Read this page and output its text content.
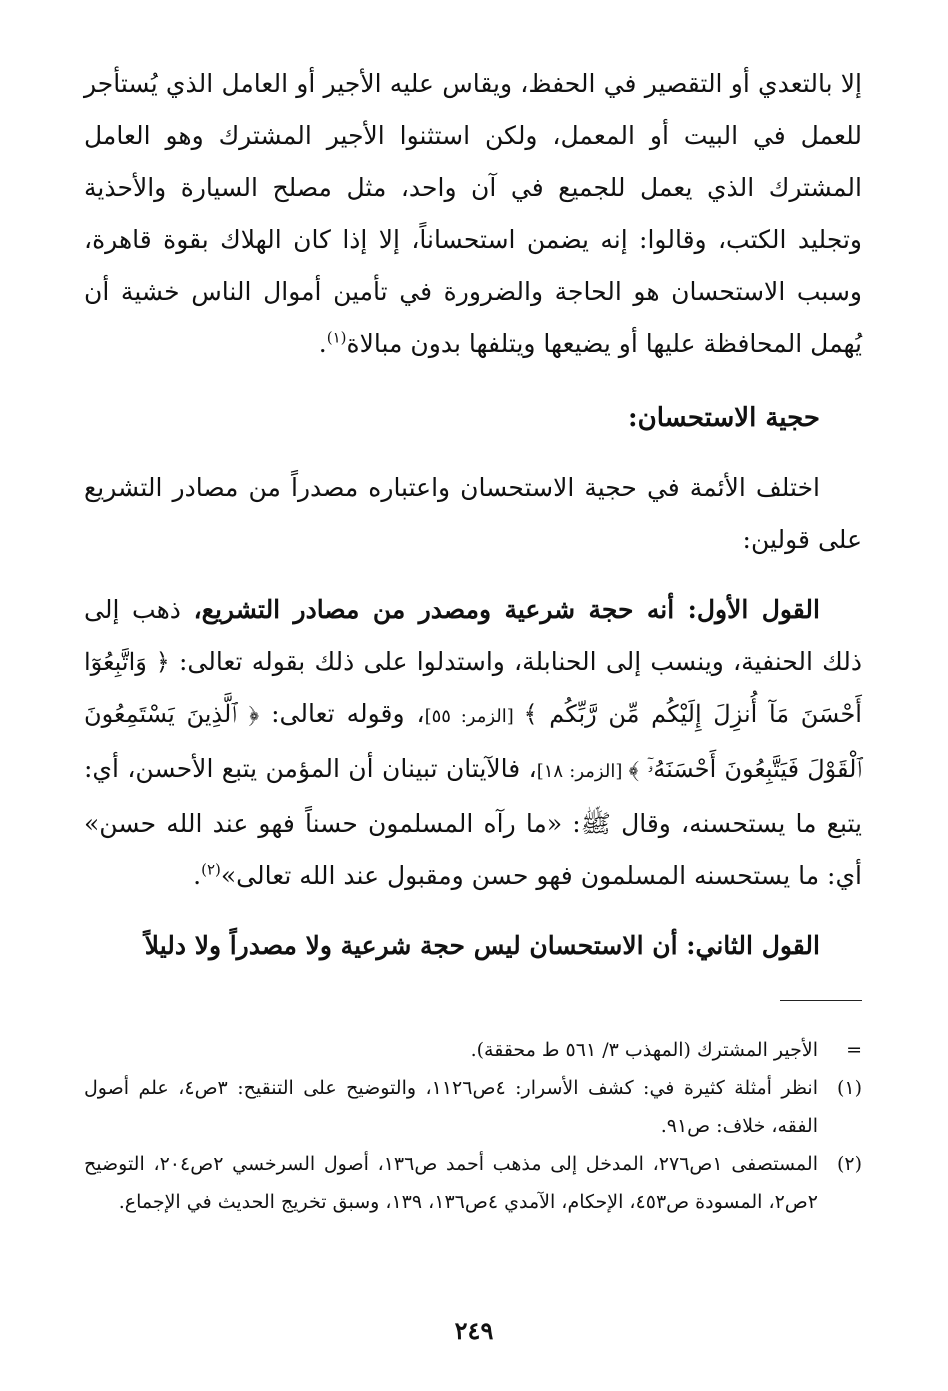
إلا بالتعدي أو التقصير في الحفظ، ويقاس عليه الأجير أو العامل الذي يُستأجر للعمل في البيت أو المعمل، ولكن استثنوا الأجير المشترك وهو العامل المشترك الذي يعمل للجميع في آن واحد، مثل مصلح السيارة والأحذية وتجليد الكتب، وقالوا: إنه يضمن استحساناً، إلا إذا كان الهلاك بقوة قاهرة، وسبب الاستحسان هو الحاجة والضرورة في تأمين أموال الناس خشية أن يُهمل المحافظة عليها أو يضيعها ويتلفها بدون مبالاة$^{(١)}$.

حجية الاستحسان:

اختلف الأئمة في حجية الاستحسان واعتباره مصدراً من مصادر التشريع على قولين:

القول الأول: أنه حجة شرعية ومصدر من مصادر التشريع، ذهب إلى ذلك الحنفية، وينسب إلى الحنابلة، واستدلوا على ذلك بقوله تعالى: ﴿ وَاتَّبِعُوٓا أَحْسَنَ مَآ أُنزِلَ إِلَيْكُم مِّن رَّبِّكُم ﴾ [الزمر: ٥٥]، وقوله تعالى: ﴿ ٱلَّذِينَ يَسْتَمِعُونَ ٱلْقَوْلَ فَيَتَّبِعُونَ أَحْسَنَهُۥٓ ﴾ [الزمر: ١٨]، فالآيتان تبينان أن المؤمن يتبع الأحسن، أي: يتبع ما يستحسنه، وقال ﷺ: «ما رآه المسلمون حسناً فهو عند الله حسن» أي: ما يستحسنه المسلمون فهو حسن ومقبول عند الله تعالى»$^{(٢)}$.

القول الثاني: أن الاستحسان ليس حجة شرعية ولا مصدراً ولا دليلاً

=
الأجير المشترك (المهذب ٣/ ٥٦١ ط محققة).

(١)
انظر أمثلة كثيرة في: كشف الأسرار: ٤ص١١٢٦، والتوضيح على التنقيح: ٣ص٤، علم أصول الفقه، خلاف: ص٩١.

(٢)
المستصفى ١ص٢٧٦، المدخل إلى مذهب أحمد ص١٣٦، أصول السرخسي ٢ص٢٠٤، التوضيح ٢ص٢، المسودة ص٤٥٣، الإحكام، الآمدي ٤ص١٣٦، ١٣٩، وسبق تخريج الحديث في الإجماع.

٢٤٩
